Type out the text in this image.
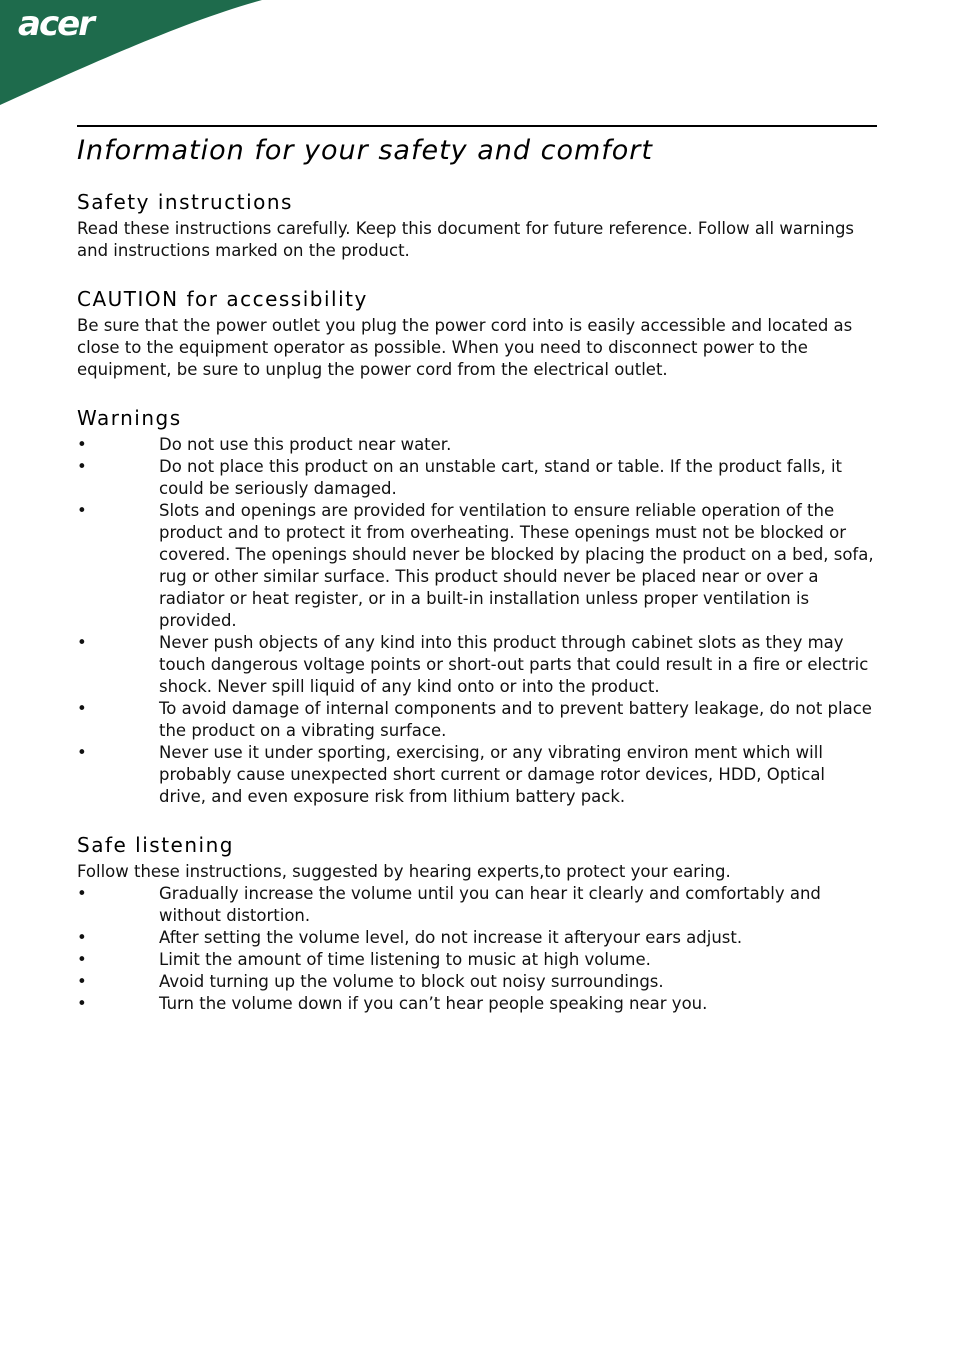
acer
Information for your safety and comfort
Safety instructions

Read these instructions carefully. Keep this document for future reference. Follow all warnings and instructions marked on the product.

CAUTION for accessibility

Be sure that the power outlet you plug the power cord into is easily accessible and located as close to the equipment operator as possible. When you need to disconnect power to the equipment, be sure to unplug the power cord from the electrical outlet.

Warnings
•	Do not use this product near water.
•	Do not place this product on an unstable cart, stand or table. If the product falls, it could be seriously damaged.
•	Slots and openings are provided for ventilation to ensure reliable operation of the product and to protect it from overheating. These openings must not be blocked or covered. The openings should never be blocked by placing the product on a bed, sofa, rug or other similar surface. This product should never be placed near or over a radiator or heat register, or in a built-in installation unless proper ventilation is provided.
•	Never push objects of any kind into this product through cabinet slots as they may touch dangerous voltage points or short-out parts that could result in a fire or electric shock. Never spill liquid of any kind onto or into the product.
•	To avoid damage of internal components and to prevent battery leakage, do not place the product on a vibrating surface.
•	Never use it under sporting, exercising, or any vibrating environ ment which will probably cause unexpected short current or damage rotor devices, HDD, Optical drive, and even exposure risk from lithium battery pack.
Safe listening

Follow these instructions, suggested by hearing experts,to protect your earing.

•	Gradually increase the volume until you can hear it clearly and comfortably and without distortion.
•	After setting the volume level, do not increase it afteryour ears adjust.
•	Limit the amount of time listening to music at high volume.
•	Avoid turning up the volume to block out noisy surroundings.
•	Turn the volume down if you can’t hear people speaking near you.
